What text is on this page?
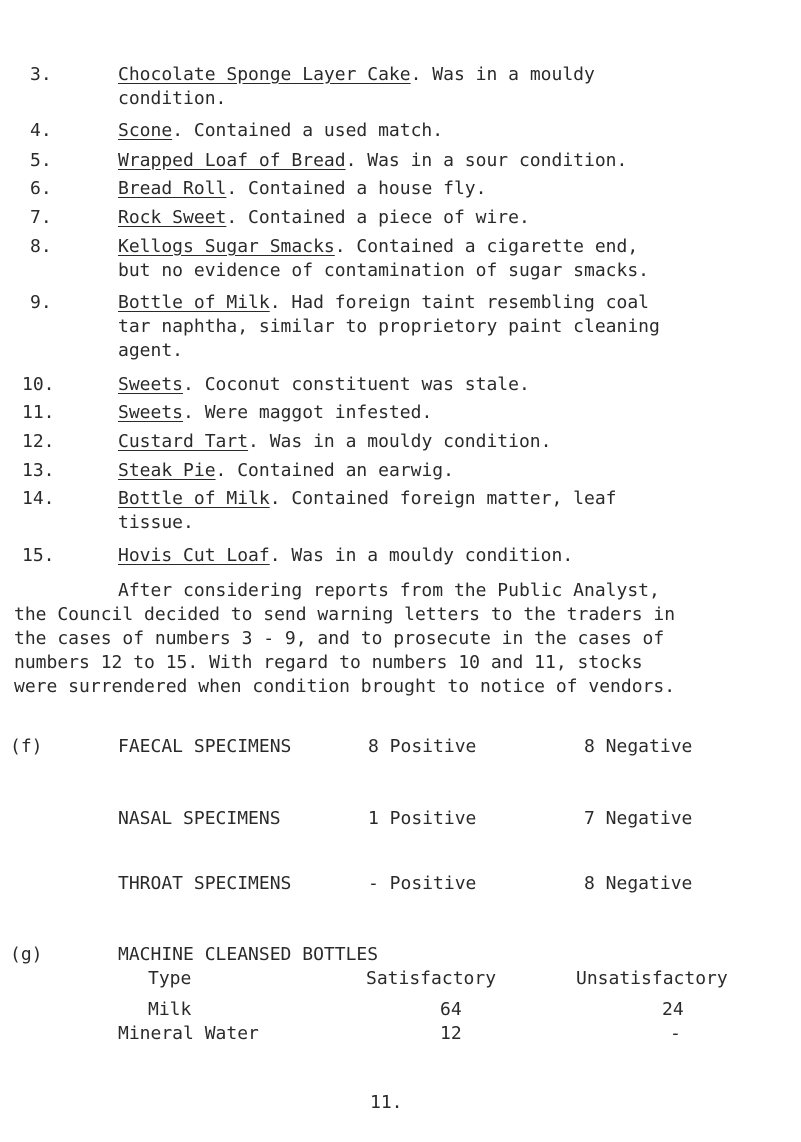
3.	Chocolate Sponge Layer Cake. Was in a mouldy
condition.
4.	Scone. Contained a used match.
5.	Wrapped Loaf of Bread. Was in a sour condition.
6.	Bread Roll. Contained a house fly.
7.	Rock Sweet. Contained a piece of wire.
8.	Kellogs Sugar Smacks. Contained a cigarette end,
but no evidence of contamination of sugar smacks.
9.	Bottle of Milk. Had foreign taint resembling coal
tar naphtha, similar to proprietory paint cleaning
agent.
10.	Sweets. Coconut constituent was stale.
11.	Sweets. Were maggot infested.
12.	Custard Tart. Was in a mouldy condition.
13.	Steak Pie. Contained an earwig.
14.	Bottle of Milk. Contained foreign matter, leaf
tissue.
15.	Hovis Cut Loaf. Was in a mouldy condition.
After considering reports from the Public Analyst,
the Council decided to send warning letters to the traders in
the cases of numbers 3 - 9, and to prosecute in the cases of
numbers 12 to 15. With regard to numbers 10 and 11, stocks
were surrendered when condition brought to notice of vendors.
(f)	FAECAL SPECIMENS	8 Positive	8 Negative
NASAL SPECIMENS	1 Positive	7 Negative
THROAT SPECIMENS	- Positive	8 Negative
(g)	MACHINE CLEANSED BOTTLES
Type	Satisfactory	Unsatisfactory
Milk	64	24
Mineral Water	12	-
11.
